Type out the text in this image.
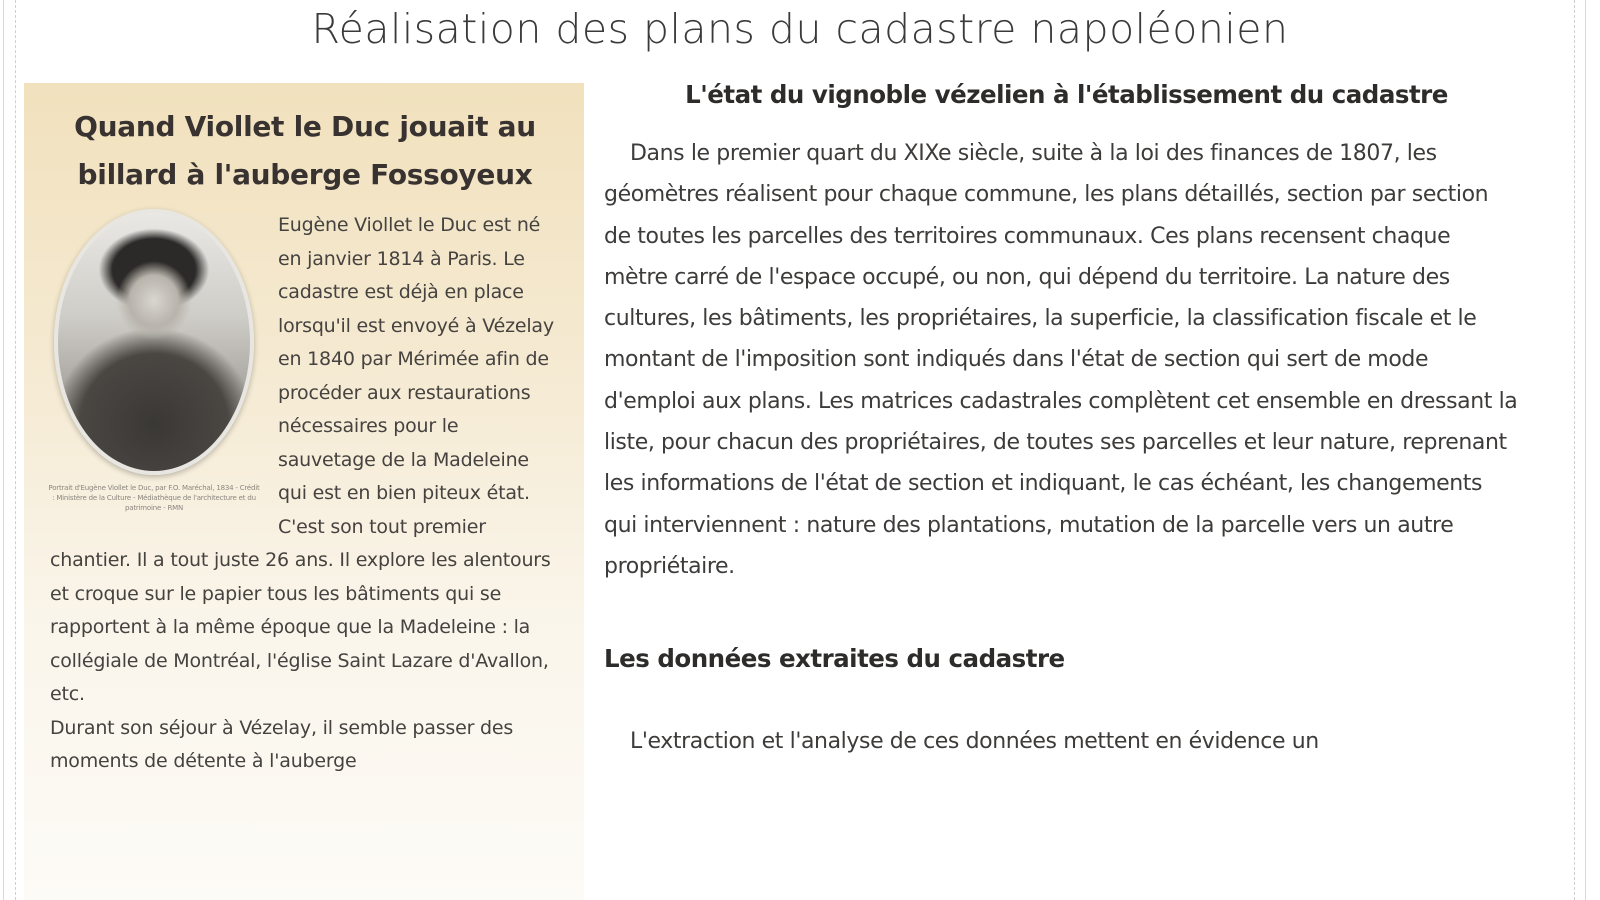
Réalisation des plans du cadastre napoléonien
Quand Viollet le Duc jouait au billard à l'auberge Fossoyeux
Portrait d'Eugène Viollet le Duc, par F.O. Maréchal, 1834 - Crédit : Ministère de la Culture - Médiathèque de l'architecture et du patrimoine - RMN

Eugène Viollet le Duc est né en janvier 1814 à Paris. Le cadastre est déjà en place lorsqu'il est envoyé à Vézelay en 1840 par Mérimée afin de procéder aux restaurations nécessaires pour le sauvetage de la Madeleine qui est en bien piteux état.

C'est son tout premier chantier. Il a tout juste 26 ans. Il explore les alentours et croque sur le papier tous les bâtiments qui se rapportent à la même époque que la Madeleine : la collégiale de Montréal, l'église Saint Lazare d'Avallon, etc.

Durant son séjour à Vézelay, il semble passer des moments de détente à l'auberge

L'état du vignoble vézelien à l'établissement du cadastre

Dans le premier quart du XIXe siècle, suite à la loi des finances de 1807, les géomètres réalisent pour chaque commune, les plans détaillés, section par section de toutes les parcelles des territoires communaux. Ces plans recensent chaque mètre carré de l'espace occupé, ou non, qui dépend du territoire. La nature des cultures, les bâtiments, les propriétaires, la superficie, la classification fiscale et le montant de l'imposition sont indiqués dans l'état de section qui sert de mode d'emploi aux plans. Les matrices cadastrales complètent cet ensemble en dressant la liste, pour chacun des propriétaires, de toutes ses parcelles et leur nature, reprenant les informations de l'état de section et indiquant, le cas échéant, les changements qui interviennent : nature des plantations, mutation de la parcelle vers un autre propriétaire.

Les données extraites du cadastre

L'extraction et l'analyse de ces données mettent en évidence un
